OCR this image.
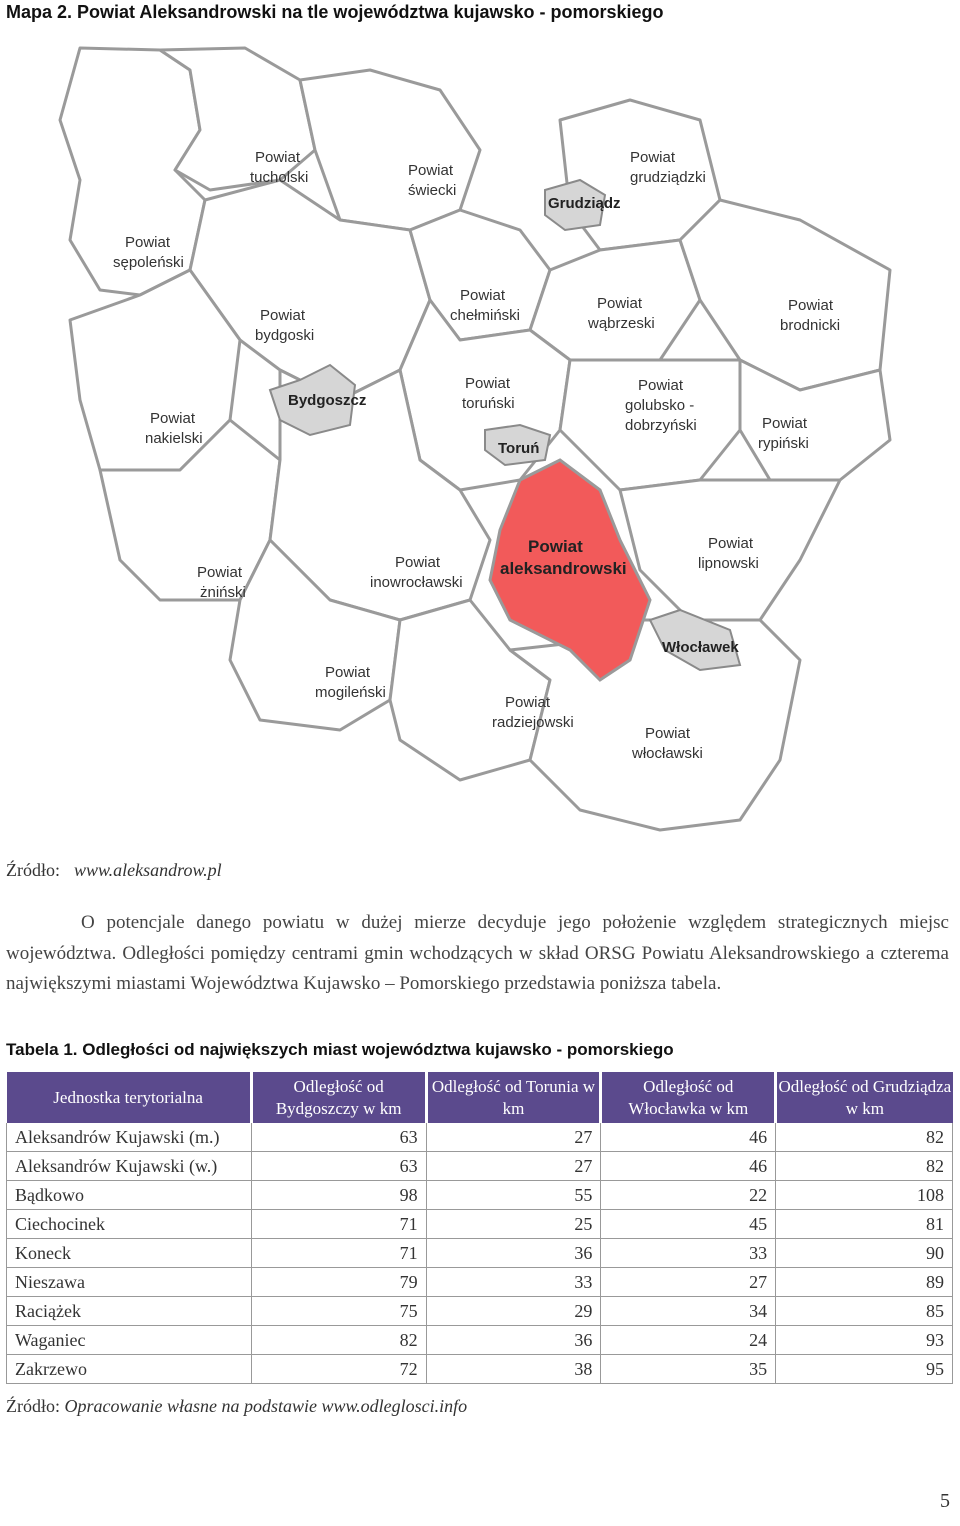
Mapa 2. Powiat Aleksandrowski na tle województwa kujawsko - pomorskiego
Powiat
tucholski	Powiat
świecki
Powiat
grudziądzki
Grudziądz
Powiat
sępoleński
Powiat
chełmiński
Powiat
wąbrzeski
Powiat
brodnicki
Powiat
bydgoski
Bydgoszcz
Powiat
toruński
Toruń
Powiat
golubsko -
dobrzyński
Powiat
nakielski
Powiat
rypiński
Powiat
aleksandrowski
Powiat
inowrocławski
Powiat
lipnowski
Powiat
żniński
Włocławek
Powiat
mogileński
Powiat
radziejowski
Powiat
włocławski
Źródło: www.aleksandrow.pl

O potencjale danego powiatu w dużej mierze decyduje jego położenie względem strategicznych miejsc województwa. Odległości pomiędzy centrami gmin wchodzących w skład ORSG Powiatu Aleksandrowskiego a czterema największymi miastami Województwa Kujawsko – Pomorskiego przedstawia poniższa tabela.

Tabela 1. Odległości od największych miast województwa kujawsko - pomorskiego
Jednostka terytorialna	Odległość od Bydgoszczy w km	Odległość od Torunia w km	Odległość od Włocławka w km	Odległość od Grudziądza w km
Aleksandrów Kujawski (m.)	63	27	46	82
Aleksandrów Kujawski (w.)	63	27	46	82
Bądkowo	98	55	22	108
Ciechocinek	71	25	45	81
Koneck	71	36	33	90
Nieszawa	79	33	27	89
Raciążek	75	29	34	85
Waganiec	82	36	24	93
Zakrzewo	72	38	35	95
Źródło: Opracowanie własne na podstawie www.odleglosci.info
5
